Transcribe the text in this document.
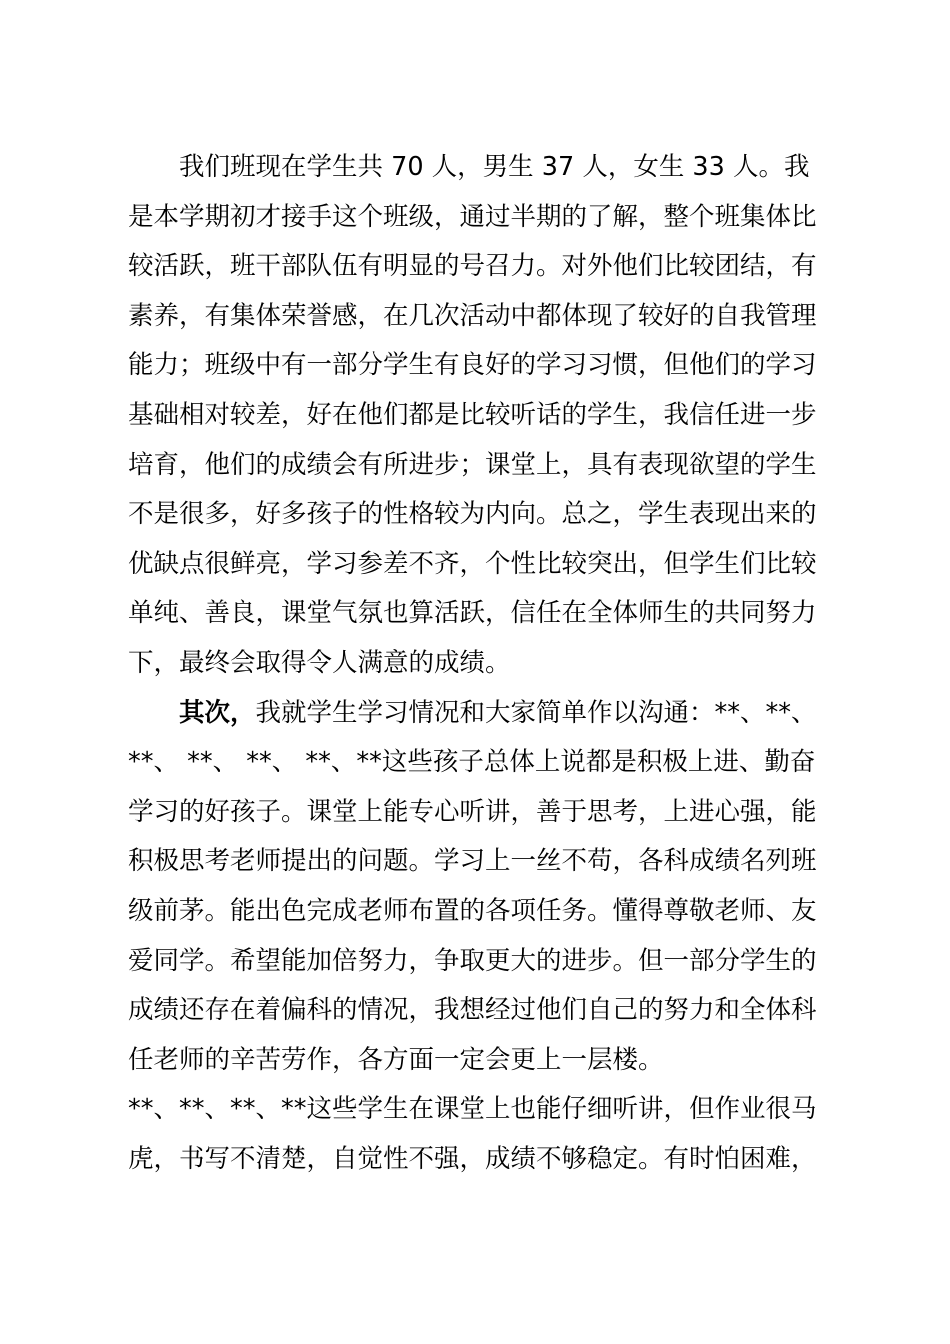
我们班现在学生共 70 人，男生 37 人，女生 33 人。我是本学期初才接手这个班级，通过半期的了解，整个班集体比较活跃，班干部队伍有明显的号召力。对外他们比较团结，有素养，有集体荣誉感，在几次活动中都体现了较好的自我管理能力；班级中有一部分学生有良好的学习习惯，但他们的学习基础相对较差，好在他们都是比较听话的学生，我信任进一步培育，他们的成绩会有所进步；课堂上，具有表现欲望的学生不是很多，好多孩子的性格较为内向。总之，学生表现出来的优缺点很鲜亮，学习参差不齐，个性比较突出，但学生们比较单纯、善良，课堂气氛也算活跃，信任在全体师生的共同努力下，最终会取得令人满意的成绩。

其次，我就学生学习情况和大家简单作以沟通：**、**、**、 **、 **、 **、**这些孩子总体上说都是积极上进、勤奋学习的好孩子。课堂上能专心听讲，善于思考，上进心强，能积极思考老师提出的问题。学习上一丝不苟，各科成绩名列班级前茅。能出色完成老师布置的各项任务。懂得尊敬老师、友爱同学。希望能加倍努力，争取更大的进步。但一部分学生的成绩还存在着偏科的情况，我想经过他们自己的努力和全体科任老师的辛苦劳作，各方面一定会更上一层楼。

**、**、**、**这些学生在课堂上也能仔细听讲，但作业很马虎，书写不清楚，自觉性不强，成绩不够稳定。有时怕困难，
